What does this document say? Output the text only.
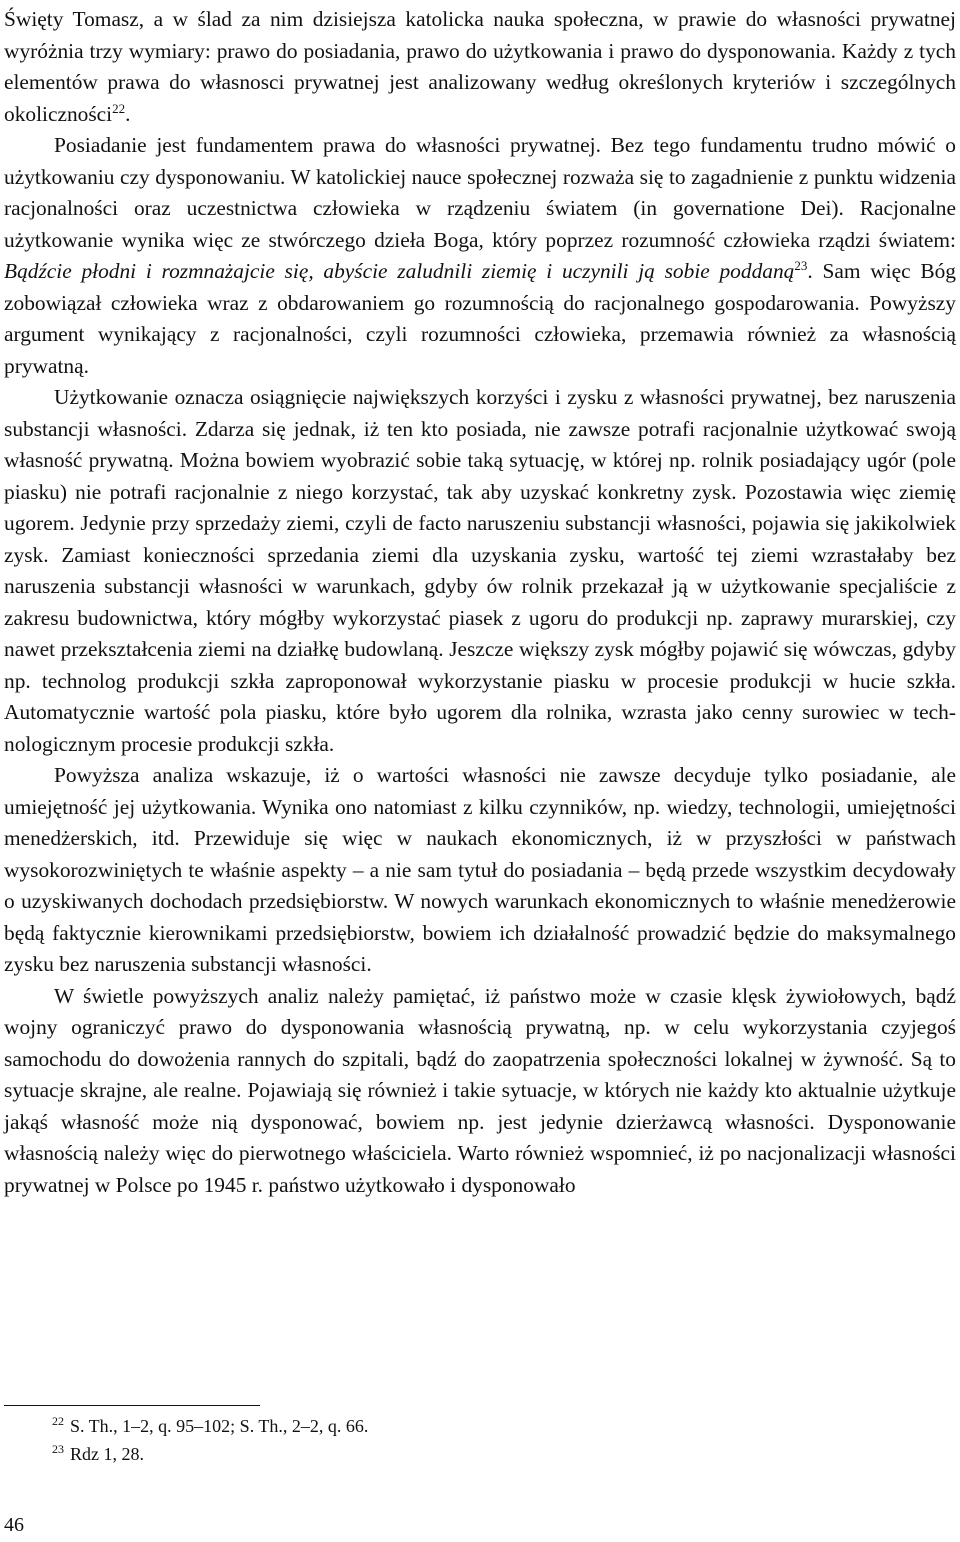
Święty Tomasz, a w ślad za nim dzisiejsza katolicka nauka społeczna, w prawie do własności prywatnej wyróżnia trzy wymiary: prawo do posiadania, prawo do użytkowania i prawo do dysponowania. Każdy z tych elementów prawa do własnosci prywatnej jest analizowany według określonych kryteriów i szczególnych okoliczności$^{22}$.

Posiadanie jest fundamentem prawa do własności prywatnej. Bez tego fundamentu trudno mówić o użytkowaniu czy dysponowaniu. W katolickiej nauce społecznej rozważa się to zagadnienie z punktu widzenia racjonalności oraz uczestnictwa człowieka w rządzeniu światem (in governatione Dei). Racjonalne użytkowanie wynika więc ze stwórczego dzieła Boga, który poprzez rozumność człowieka rządzi światem: Bądźcie płodni i rozmnażajcie się, abyście zaludnili ziemię i uczynili ją sobie poddaną$^{23}$. Sam więc Bóg zobowiązał człowieka wraz z obdarowaniem go rozumnością do racjonalnego gospodarowania. Powyższy argument wynikający z racjonalności, czyli rozumności człowieka, przemawia również za własnością prywatną.

Użytkowanie oznacza osiągnięcie największych korzyści i zysku z własności prywatnej, bez naruszenia substancji własności. Zdarza się jednak, iż ten kto posiada, nie zawsze potrafi racjonalnie użytkować swoją własność prywatną. Można bowiem wyobrazić sobie taką sytuację, w której np. rolnik posiadający ugór (pole piasku) nie potrafi racjonalnie z niego korzystać, tak aby uzyskać konkretny zysk. Pozostawia więc ziemię ugorem. Jedynie przy sprzedaży ziemi, czyli de facto naruszeniu substancji własności, pojawia się jakikolwiek zysk. Zamiast konieczności sprzedania ziemi dla uzyskania zysku, wartość tej ziemi wzrastałaby bez naruszenia substancji własności w warunkach, gdyby ów rolnik przekazał ją w użytkowanie specjaliście z zakresu budownictwa, który mógłby wykorzystać piasek z ugoru do produkcji np. zaprawy murarskiej, czy nawet przekształcenia ziemi na działkę budowlaną. Jeszcze większy zysk mógłby pojawić się wówczas, gdyby np. technolog produkcji szkła zaproponował wykorzystanie piasku w procesie produkcji w hucie szkła. Automatycznie wartość pola piasku, które było ugorem dla rolnika, wzrasta jako cenny surowiec w technologicznym procesie produkcji szkła.

Powyższa analiza wskazuje, iż o wartości własności nie zawsze decyduje tylko posiadanie, ale umiejętność jej użytkowania. Wynika ono natomiast z kilku czynników, np. wiedzy, technologii, umiejętności menedżerskich, itd. Przewiduje się więc w naukach ekonomicznych, iż w przyszłości w państwach wysokorozwiniętych te właśnie aspekty – a nie sam tytuł do posiadania – będą przede wszystkim decydowały o uzyskiwanych dochodach przedsiębiorstw. W nowych warunkach ekonomicznych to właśnie menedżerowie będą faktycznie kierownikami przedsiębiorstw, bowiem ich działalność prowadzić będzie do maksymalnego zysku bez naruszenia substancji własności.

W świetle powyższych analiz należy pamiętać, iż państwo może w czasie klęsk żywiołowych, bądź wojny ograniczyć prawo do dysponowania własnością prywatną, np. w celu wykorzystania czyjegoś samochodu do dowożenia rannych do szpitali, bądź do zaopatrzenia społeczności lokalnej w żywność. Są to sytuacje skrajne, ale realne. Pojawiają się również i takie sytuacje, w których nie każdy kto aktualnie użytkuje jakąś własność może nią dysponować, bowiem np. jest jedynie dzierżawcą własności. Dysponowanie własnością należy więc do pierwotnego właściciela. Warto również wspomnieć, iż po nacjonalizacji własności prywatnej w Polsce po 1945 r. państwo użytkowało i dysponowało

$^{22}$ S. Th., 1–2, q. 95–102; S. Th., 2–2, q. 66.
$^{23}$ Rdz 1, 28.
46
